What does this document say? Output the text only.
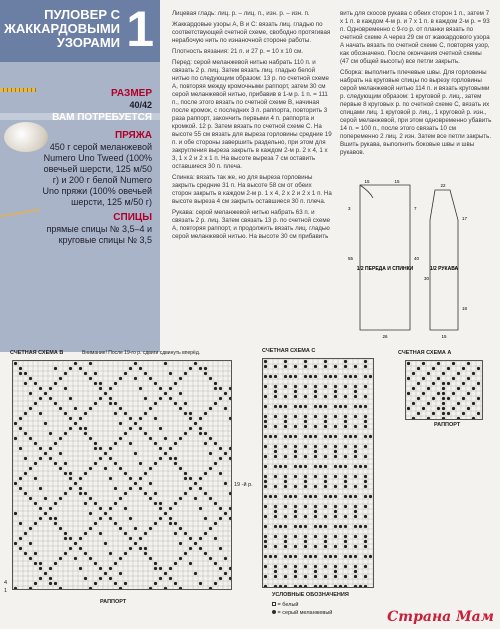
ПУЛОВЕР С ЖАККАРДОВЫМИ УЗОРАМИ 1
РАЗМЕР
40/42
ВАМ ПОТРЕБУЕТСЯ
ПРЯЖА
450 г серой меланжевой Numero Uno Tweed (100% овечьей шерсти, 125 м/50 г) и 200 г белой Numero Uno пряжи (100% овечьей шерсти, 125 м/50 г)
СПИЦЫ
прямые спицы № 3,5–4 и круговые спицы № 3,5

Лицевая гладь: лиц. р. – лиц. п., изн. р. – изн. п.

Жаккардовые узоры А, В и С: вязать лиц. гладью по соответствующей счетной схеме, свободно протягивая нерабочую нить по изнаночной стороне работы.

Плотность вязания: 21 п. и 27 р. = 10 x 10 см.

Перед: серой меланжевой нитью набрать 110 п. и связать 2 р. лиц. Затем вязать лиц. гладью белой нитью по следующим образом: 13 р. по счетной схеме А, повторяя между кромочными раппорт, затем 30 см серой меланжевой нитью, прибавив в 1-м р. 1 п. = 111 п., после этого вязать по счетной схеме В, начиная после кромок, с последних 3 п. раппорта, повторить 3 раза раппорт, закончить первыми 4 п. раппорта и кромкой. 12 р. Затем вязать по счетной схеме С. На высоте 55 см вязать для выреза горловины средние 19 п. и обе стороны завершить раздельно, при этом для закругления выреза закрыть в каждом 2-м р. 2 х 4, 1 х 3, 1 х 2 и 2 х 1 п. На высоте выреза 7 см оставить оставшиеся 30 п. плеча.

Спинка: вязать так же, но для выреза горловины закрыть средние 31 п. На высоте 58 см от обеих сторон закрыть в каждом 2-м р. 1 х 4, 2 х 2 и 2 х 1 п. На высоте выреза 4 см закрыть оставшиеся 30 п. плеча.

Рукава: серой меланжевой нитью набрать 63 п. и связать 2 р. лиц. Затем связать 13 р. по счетной схеме А, повторяя раппорт, и продолжить вязать лиц. гладью серой меланжевой нитью. На высоте 30 см прибавить

вить для скосов рукава с обеих сторон 1 п., затем 7 х 1 п. в каждом 4-м р. и 7 х 1 п. в каждом 2-м р. = 93 п. Одновременно с 9-го р. от планки вязать по счетной схеме А через 29 см от жаккардового узора А начать вязать по счетной схеме С, повторяя узор, как обозначено. После окончания счетной схемы (47 см общей высоты) все петли закрыть.

Сборка: выполнить плечевые швы. Для горловины набрать на круговые спицы по вырезу горловины серой меланжевой нитью 114 п. и вязать круговыми р. следующим образом: 1 круговой р. лиц., затем первые 8 круговых р. по счетной схеме С, вязать их спицами лиц. 1 круговой р. лиц., 1 круговой р. изн., серой меланжевой, при этом одновременно убавить 14 п. = 100 п., после этого связать 10 см попеременно 2 лиц. 2 изн. Затем все петли закрыть. Вшить рукава, выполнить боковые швы и швы рукавов.

1/2 ПЕРЕДА И СПИНКИ	1/2 РУКАВА
15	15
55
3	7
40
26
22
15
30
17
18
СЧЕТНАЯ СХЕМА В	Внимание! После 19-го р. сдвиги сдвинуть вперёд.
19 -й р.
4
1
РАППОРТ
СЧЕТНАЯ СХЕМА С	СЧЕТНАЯ СХЕМА А
РАППОРТ
УСЛОВНЫЕ ОБОЗНАЧЕНИЯ
= белый
= серый меланжевый	Страна Мам
